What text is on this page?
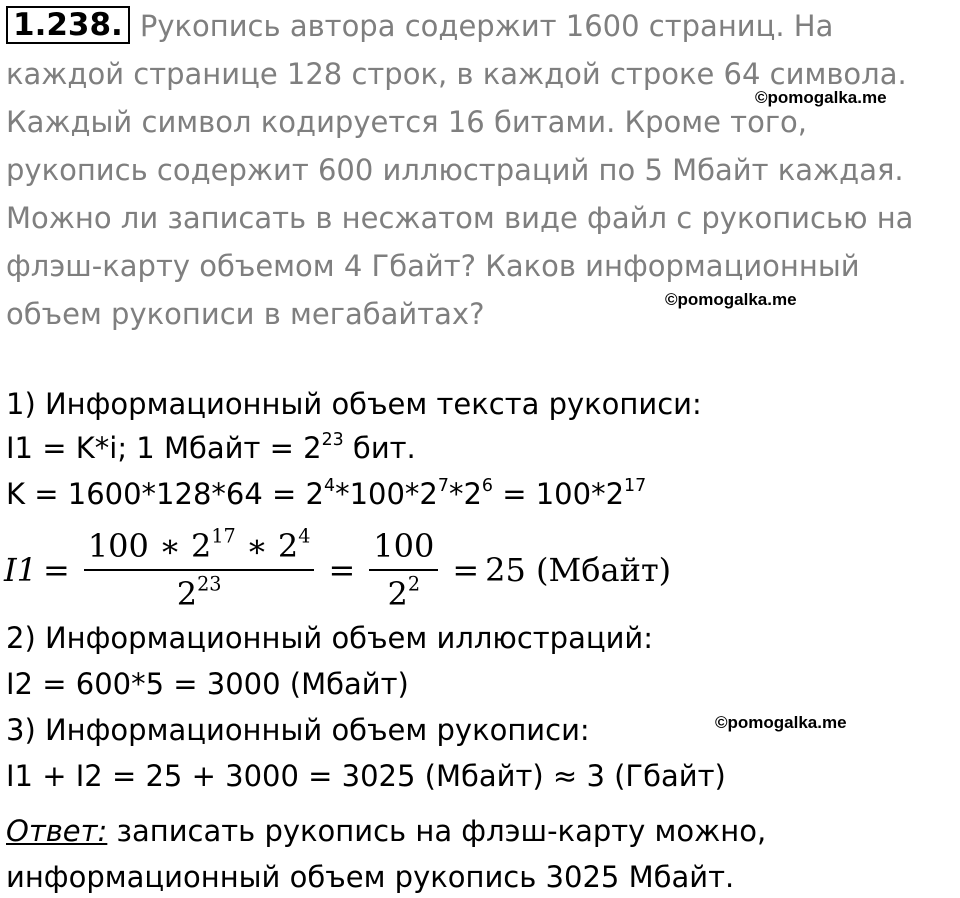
1.238. Рукопись автора содержит 1600 страниц. На
каждой странице 128 строк, в каждой строке 64 символа.
Каждый символ кодируется 16 битами. Кроме того,
рукопись содержит 600 иллюстраций по 5 Мбайт каждая.
Можно ли записать в несжатом виде файл с рукописью на
флэш-карту объемом 4 Гбайт? Каков информационный
объем рукописи в мегабайтах?
©pomogalka.me
©pomogalka.me
©pomogalka.me
1) Информационный объем текста рукописи:
I1 = K*i; 1 Мбайт = $2^{23}$ бит.
$K = 1600*128*64 = 2^4*100*2^7*2^6 = 100*2^{17}$
$I1 = \frac{100 ∗ 2^{17} ∗ 2^4}{2^{23}} = \frac{100}{2^2} = 25$ (Мбайт)
2) Информационный объем иллюстраций:
I2 = 600*5 = 3000 (Мбайт)
3) Информационный объем рукописи:
I1 + I2 = 25 + 3000 = 3025 (Мбайт) ≈ 3 (Гбайт)
Ответ: записать рукопись на флэш-карту можно,
информационный объем рукопись 3025 Мбайт.
